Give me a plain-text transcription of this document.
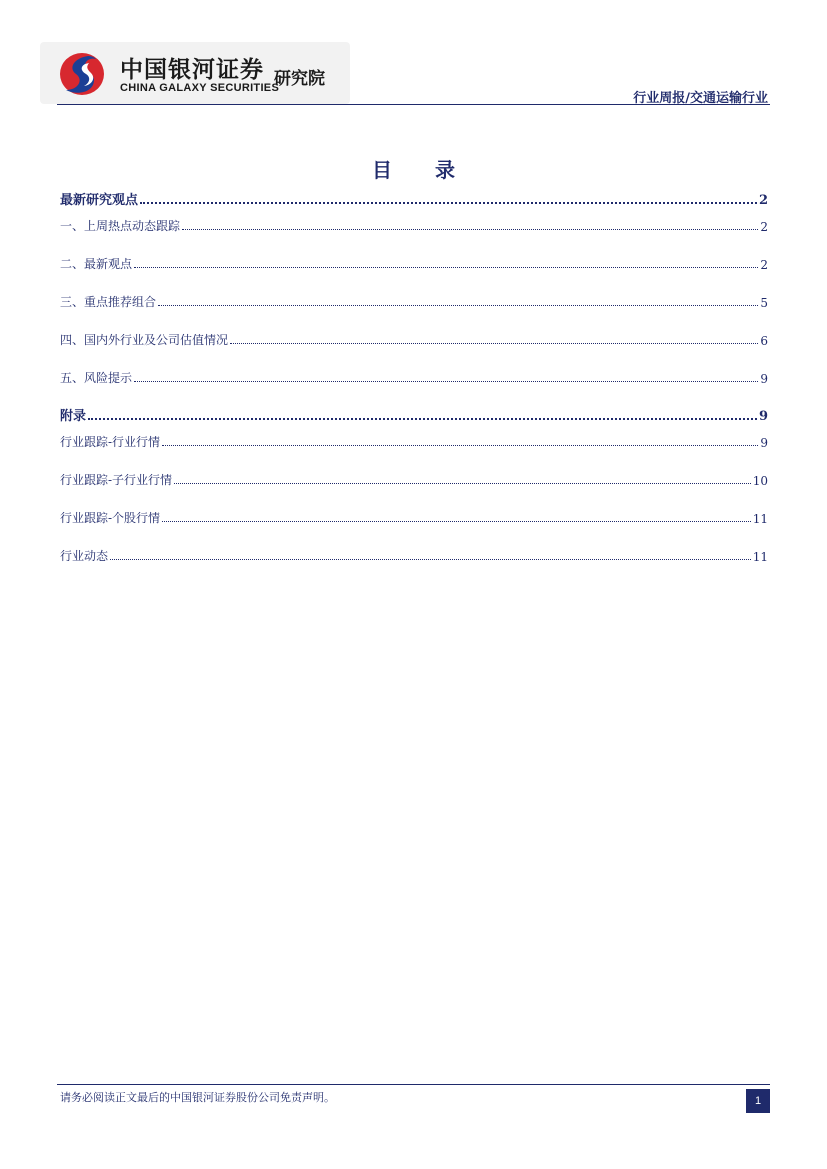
中国银河证券
CHINA GALAXY SECURITIES
研究院
行业周报/交通运输行业
目 录
最新研究观点	2
一、上周热点动态跟踪	2
二、最新观点	2
三、重点推荐组合	5
四、国内外行业及公司估值情况	6
五、风险提示	9
附录	9
行业跟踪-行业行情	9
行业跟踪-子行业行情	10
行业跟踪-个股行情	11
行业动态	11
请务必阅读正文最后的中国银河证券股份公司免责声明。	1
